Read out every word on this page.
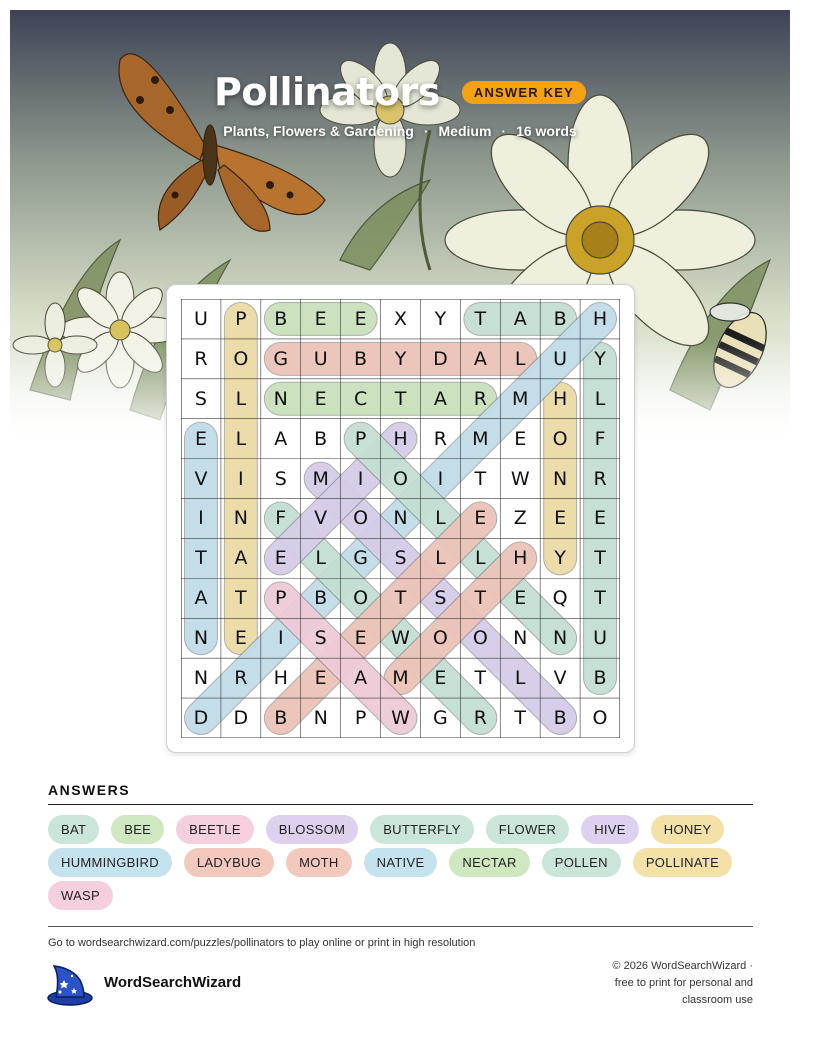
Pollinators	ANSWER KEY
Plants, Flowers & Gardening · Medium · 16 words
U	P	B	E	E	X	Y	T	A	B	H
R	O	G	U	B	Y	D	A	L	U	Y
S	L	N	E	C	T	A	R	M	H	L
E	L	A	B	P	H	R	M	E	O	F
V	I	S	M	I	O	I	T	W	N	R
I	N	F	V	O	N	L	E	Z	E	E
T	A	E	L	G	S	L	L	H	Y	T
A	T	P	B	O	T	S	T	E	Q	T
N	E	I	S	E	W	O	O	N	N	U
N	R	H	E	A	M	E	T	L	V	B
D	D	B	N	P	W	G	R	T	B	O
ANSWERS
BAT	BEE	BEETLE	BLOSSOM	BUTTERFLY	FLOWER	HIVE	HONEY
HUMMINGBIRD	LADYBUG	MOTH	NATIVE	NECTAR	POLLEN	POLLINATE
WASP
Go to wordsearchwizard.com/puzzles/pollinators to play online or print in high resolution
WordSearchWizard
© 2026 WordSearchWizard ·
free to print for personal and
classroom use
